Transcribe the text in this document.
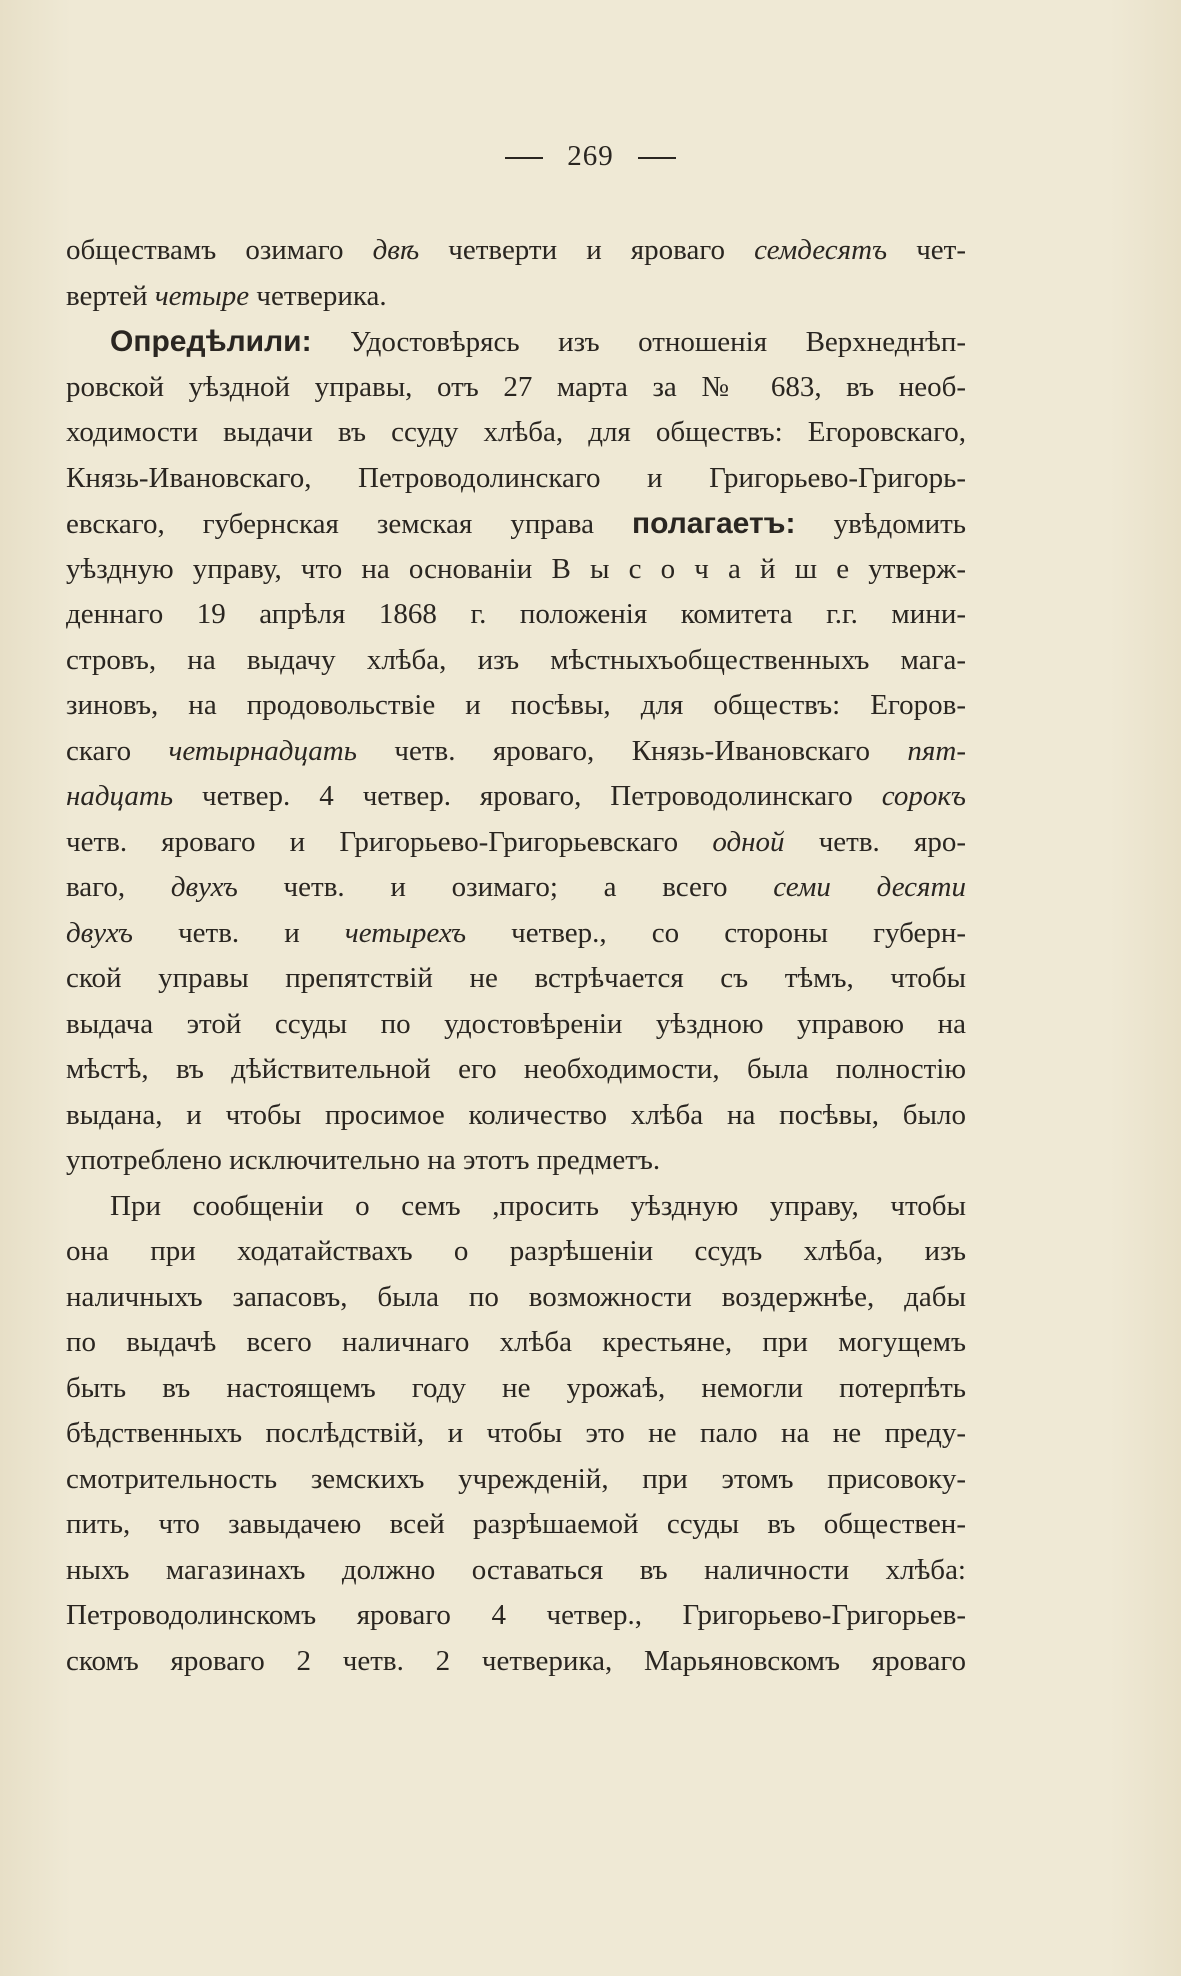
269
обществамъ озимаго двѣ четверти и яроваго семдесятъ чет-
вертей четыре четверика.
Опредѣлили: Удостовѣрясь изъ отношенія Верхнеднѣп-
ровской уѣздной управы, отъ 27 марта за № 683, въ необ-
ходимости выдачи въ ссуду хлѣба, для обществъ: Егоровскаго,
Князь-Ивановскаго, Петроводолинскаго и Григорьево-Григорь-
евскаго, губернская земская управа полагаетъ: увѣдомить
уѣздную управу, что на основаніи В ы с о ч а й ш е утверж-
деннаго 19 апрѣля 1868 г. положенія комитета г.г. мини-
стровъ, на выдачу хлѣба, изъ мѣстныхъобщественныхъ мага-
зиновъ, на продовольствіе и посѣвы, для обществъ: Егоров-
скаго четырнадцать четв. яроваго, Князь-Ивановскаго пят-
надцать четвер. 4 четвер. яроваго, Петроводолинскаго сорокъ
четв. яроваго и Григорьево-Григорьевскаго одной четв. яро-
ваго, двухъ четв. и озимаго; а всего семи десяти
двухъ четв. и четырехъ четвер., со стороны губерн-
ской управы препятствій не встрѣчается съ тѣмъ, чтобы
выдача этой ссуды по удостовѣреніи уѣздною управою на
мѣстѣ, въ дѣйствительной его необходимости, была полностію
выдана, и чтобы просимое количество хлѣба на посѣвы, было
употреблено исключительно на этотъ предметъ.
При сообщеніи о семъ ,просить уѣздную управу, чтобы
она при ходатайствахъ о разрѣшеніи ссудъ хлѣба, изъ
наличныхъ запасовъ, была по возможности воздержнѣе, дабы
по выдачѣ всего наличнаго хлѣба крестьяне, при могущемъ
быть въ настоящемъ году не урожаѣ, немогли потерпѣть
бѣдственныхъ послѣдствій, и чтобы это не пало на не преду-
смотрительность земскихъ учрежденій, при этомъ присовоку-
пить, что завыдачею всей разрѣшаемой ссуды въ обществен-
ныхъ магазинахъ должно оставаться въ наличности хлѣба:
Петроводолинскомъ яроваго 4 четвер., Григорьево-Григорьев-
скомъ яроваго 2 четв. 2 четверика, Марьяновскомъ яроваго
